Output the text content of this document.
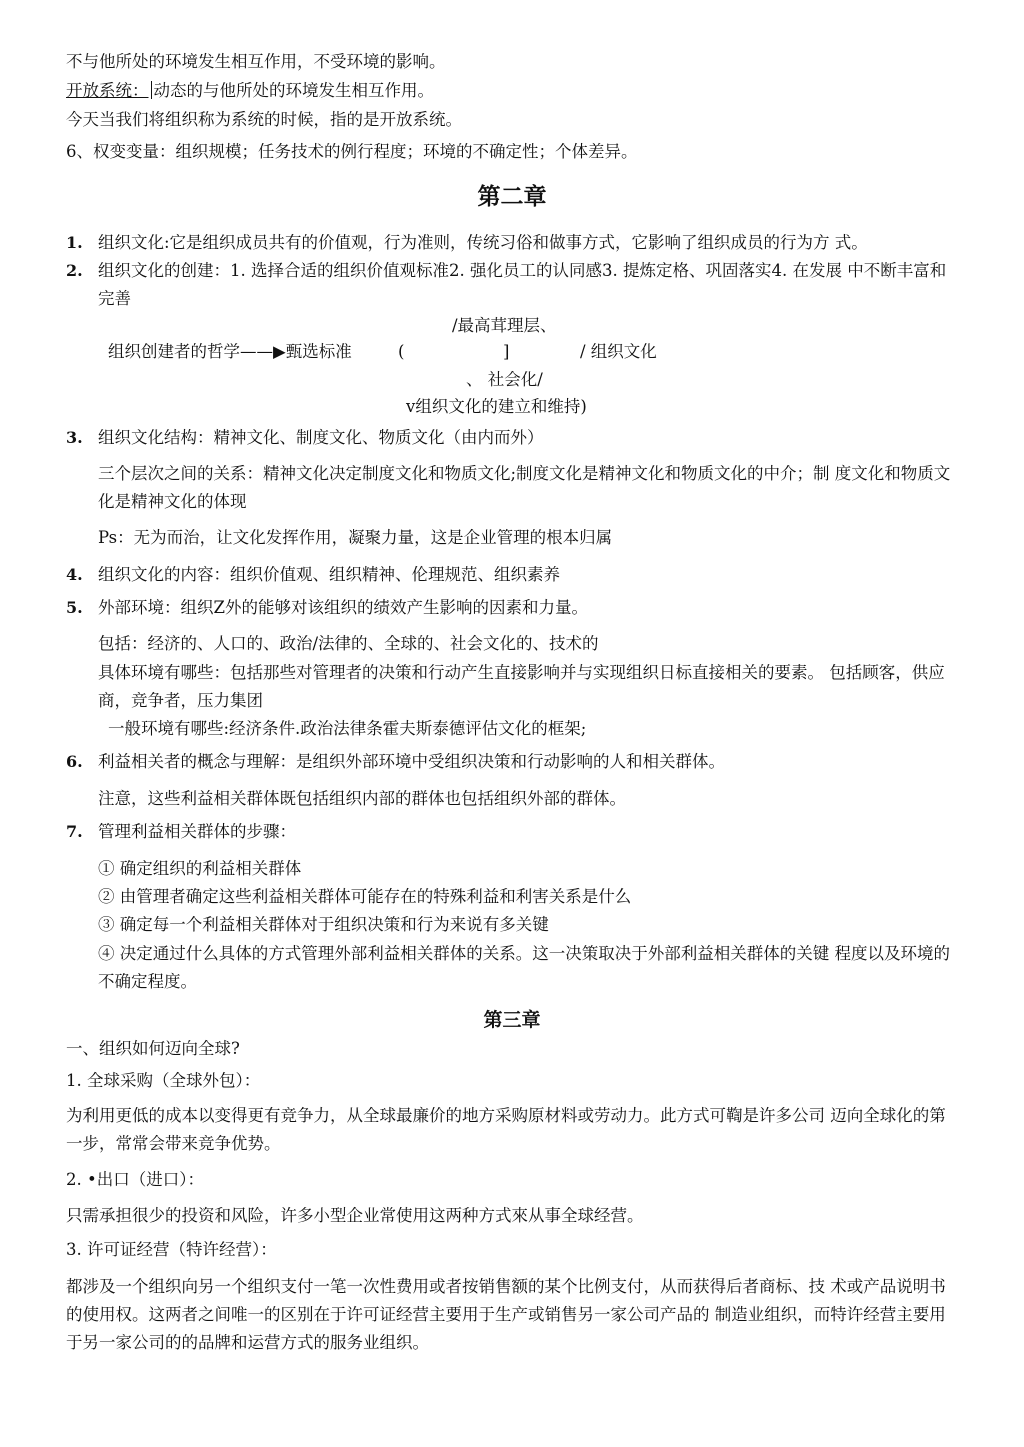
不与他所处的环境发生相互作用，不受环境的影响。
开放系统： 动态的与他所处的环境发生相互作用。
今天当我们将组织称为系统的时候，指的是开放系统。
6、权变变量：组织规模；任务技术的例行程度；环境的不确定性；个体差异。
第二章
1. 组织文化:它是组织成员共有的价值观，行为准则，传统习俗和做事方式，它影响了组织成员的行为方 式。
2. 组织文化的创建：1. 选择合适的组织价值观标准2. 强化员工的认同感3. 提炼定格、巩固落实4. 在发展 中不断丰富和完善
/最高茸理层、
组织创建者的哲学——▶甄选标准	(	]	/ 组织文化
、 社会化/
v组织文化的建立和维持)
3. 组织文化结构：精神文化、制度文化、物质文化（由内而外）
三个层次之间的关系：精神文化决定制度文化和物质文化;制度文化是精神文化和物质文化的中介；制 度文化和物质文化是精神文化的体现
Ps：无为而治，让文化发挥作用，凝聚力量，这是企业管理的根本归属
4. 组织文化的内容：组织价值观、组织精神、伦理规范、组织素养
5. 外部环境：组织Z外的能够对该组织的绩效产生影响的因素和力量。
包括：经济的、人口的、政治/法律的、全球的、社会文化的、技术的
具体环境有哪些：包括那些对管理者的决策和行动产生直接影响并与实现组织日标直接相关的要素。 包括顾客，供应商，竞争者，压力集团
一般环境有哪些:经济条件.政治法律条霍夫斯泰德评估文化的框架;
6. 利益相关者的概念与理解：是组织外部环境中受组织决策和行动影响的人和相关群体。
注意，这些利益相关群体既包括组织内部的群体也包括组织外部的群体。
7. 管理利益相关群体的步骤：
① 确定组织的利益相关群体
② 由管理者确定这些利益相关群体可能存在的特殊利益和利害关系是什么
③ 确定每一个利益相关群体对于组织决策和行为来说有多关键
④ 决定通过什么具体的方式管理外部利益相关群体的关系。这一决策取决于外部利益相关群体的关键 程度以及环境的不确定程度。
第三章
一、组织如何迈向全球?
1. 全球采购（全球外包）：
为利用更低的成本以变得更有竞争力，从全球最廉价的地方采购原材料或劳动力。此方式可鞫是许多公司 迈向全球化的第一步，常常会带来竞争优势。
2. •出口（进口）：
只需承担很少的投资和风险，许多小型企业常使用这两种方式來从事全球经营。
3. 许可证经营（特许经营）：
都涉及一个组织向另一个组织支付一笔一次性费用或者按销售额的某个比例支付，从而获得后者商标、技 术或产品说明书的使用权。这两者之间唯一的区别在于许可证经营主要用于生产或销售另一家公司产品的 制造业组织，而特许经营主要用于另一家公司的的品牌和运营方式的服务业组织。
